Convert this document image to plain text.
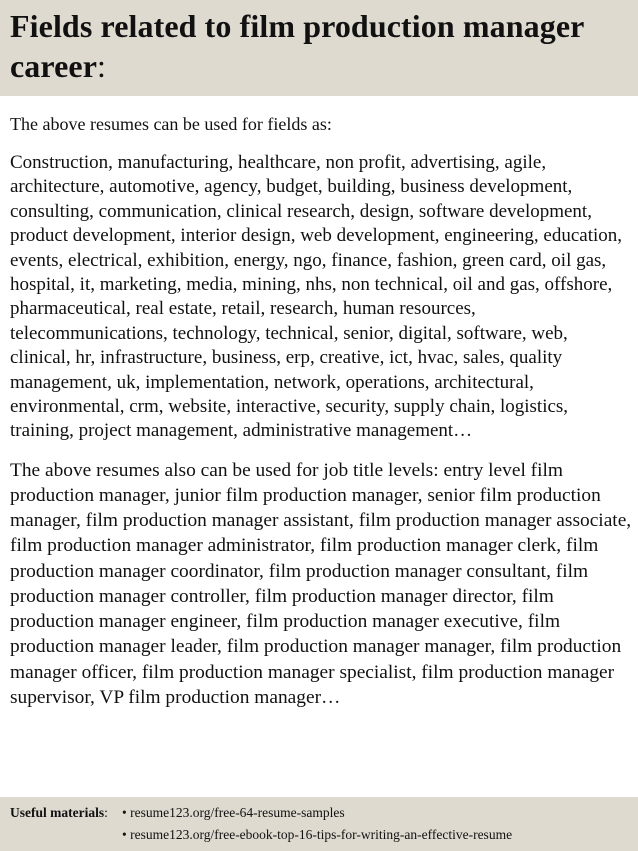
Fields related to film production manager career:

The above resumes can be used for fields as:

Construction, manufacturing, healthcare, non profit, advertising, agile, architecture, automotive, agency, budget, building, business development, consulting, communication, clinical research, design, software development, product development, interior design, web development, engineering, education, events, electrical, exhibition, energy, ngo, finance, fashion, green card, oil gas, hospital, it, marketing, media, mining, nhs, non technical, oil and gas, offshore, pharmaceutical, real estate, retail, research, human resources, telecommunications, technology, technical, senior, digital, software, web, clinical, hr, infrastructure, business, erp, creative, ict, hvac, sales, quality management, uk, implementation, network, operations, architectural, environmental, crm, website, interactive, security, supply chain, logistics, training, project management, administrative management…

The above resumes also can be used for job title levels: entry level film production manager, junior film production manager, senior film production manager, film production manager assistant, film production manager associate, film production manager administrator, film production manager clerk, film production manager coordinator, film production manager consultant, film production manager controller, film production manager director, film production manager engineer, film production manager executive, film production manager leader, film production manager manager, film production manager officer, film production manager specialist, film production manager supervisor, VP film production manager…

Useful materials:	• resume123.org/free-64-resume-samples
• resume123.org/free-ebook-top-16-tips-for-writing-an-effective-resume
